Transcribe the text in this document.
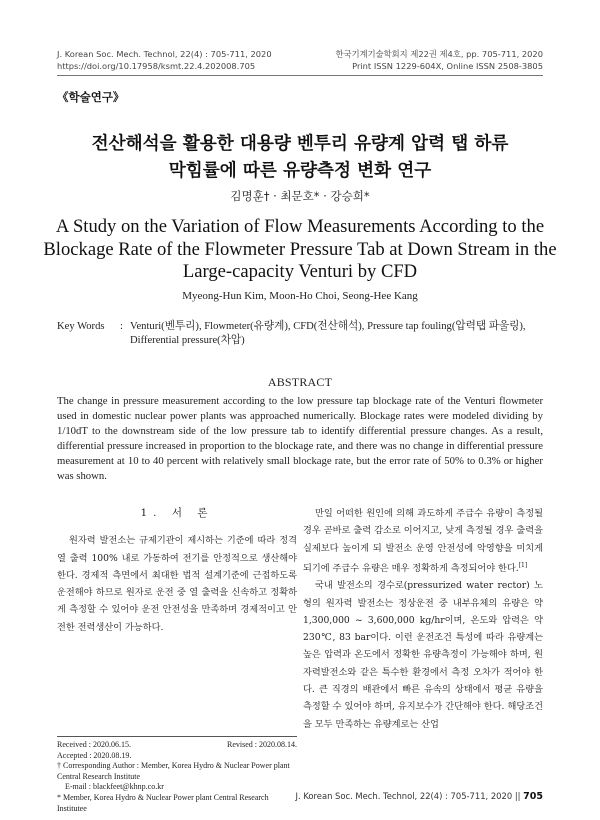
J. Korean Soc. Mech. Technol, 22(4) : 705-711, 2020
https://doi.org/10.17958/ksmt.22.4.202008.705
한국기계기술학회지 제22권 제4호, pp. 705-711, 2020
Print ISSN 1229-604X, Online ISSN 2508-3805
《학술연구》
전산해석을 활용한 대용량 벤투리 유량계 압력 탭 하류
막힘률에 따른 유량측정 변화 연구
김명훈† · 최문호* · 강승희*
A Study on the Variation of Flow Measurements According to the
Blockage Rate of the Flowmeter Pressure Tab at Down Stream in the
Large-capacity Venturi by CFD
Myeong-Hun Kim, Moon-Ho Choi, Seong-Hee Kang
Key Words	: Venturi(벤투리), Flowmeter(유량계), CFD(전산해석), Pressure tap fouling(압력탭 파울링), Differential pressure(차압)
ABSTRACT
The change in pressure measurement according to the low pressure tap blockage rate of the Venturi flowmeter used in domestic nuclear power plants was approached numerically. Blockage rates were modeled dividing by 1/10dT to the downstream side of the low pressure tab to identify differential pressure changes. As a result, differential pressure increased in proportion to the blockage rate, and there was no change in differential pressure measurement at 10 to 40 percent with relatively small blockage rate, but the error rate of 50% to 0.3% or higher was shown.
1. 서 론

원자력 발전소는 규제기관이 제시하는 기준에 따라 정격 열 출력 100% 내로 가동하여 전기를 안정적으로 생산해야 한다. 경제적 측면에서 최대한 법적 설계기준에 근접하도록 운전해야 하므로 원자로 운전 중 열 출력을 신속하고 정확하게 측정할 수 있어야 운전 안전성을 만족하며 경제적이고 안전한 전력생산이 가능하다.

만일 어떠한 원인에 의해 과도하게 주급수 유량이 측정될 경우 곧바로 출력 감소로 이어지고, 낮게 측정될 경우 출력을 실제보다 높이게 되 발전소 운영 안전성에 악영향을 미치게 되기에 주급수 유량은 매우 정확하게 측정되어야 한다.[1]

국내 발전소의 경수로(pressurized water rector) 노형의 원자력 발전소는 정상운전 중 내부유체의 유량은 약 1,300,000 ~ 3,600,000 kg/hr이며, 온도와 압력은 약 230℃, 83 bar이다. 이런 운전조건 특성에 따라 유량계는 높은 압력과 온도에서 정확한 유량측정이 가능해야 하며, 원자력발전소와 같은 특수한 환경에서 측정 오차가 적어야 한다. 큰 직경의 배관에서 빠른 유속의 상태에서 평균 유량을 측정할 수 있어야 하며, 유지보수가 간단해야 한다. 해당조건을 모두 만족하는 유량계로는 산업

Received : 2020.06.15.	Revised : 2020.08.14.
Accepted : 2020.08.19.
† Corresponding Author : Member, Korea Hydro & Nuclear Power plant Central Research Institute
E-mail : blackfeet@khnp.co.kr
* Member, Korea Hydro & Nuclear Power plant Central Research Institutee
J. Korean Soc. Mech. Technol, 22(4) : 705-711, 2020 || 705
